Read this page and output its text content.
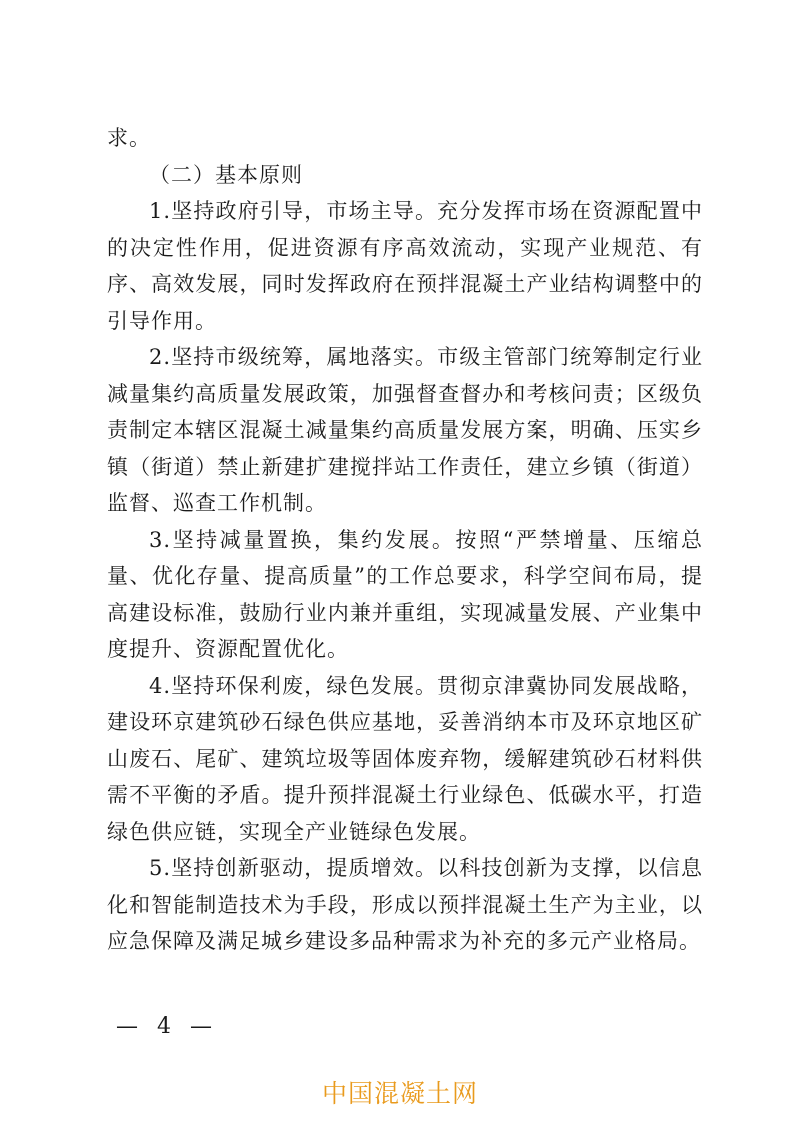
求。

（二）基本原则

1.坚持政府引导，市场主导。充分发挥市场在资源配置中的决定性作用，促进资源有序高效流动，实现产业规范、有序、高效发展，同时发挥政府在预拌混凝土产业结构调整中的引导作用。

2.坚持市级统筹，属地落实。市级主管部门统筹制定行业减量集约高质量发展政策，加强督查督办和考核问责；区级负责制定本辖区混凝土减量集约高质量发展方案，明确、压实乡镇（街道）禁止新建扩建搅拌站工作责任，建立乡镇（街道）监督、巡查工作机制。

3.坚持减量置换，集约发展。按照“严禁增量、压缩总量、优化存量、提高质量”的工作总要求，科学空间布局，提高建设标准，鼓励行业内兼并重组，实现减量发展、产业集中度提升、资源配置优化。

4.坚持环保利废，绿色发展。贯彻京津冀协同发展战略，建设环京建筑砂石绿色供应基地，妥善消纳本市及环京地区矿山废石、尾矿、建筑垃圾等固体废弃物，缓解建筑砂石材料供需不平衡的矛盾。提升预拌混凝土行业绿色、低碳水平，打造绿色供应链，实现全产业链绿色发展。

5.坚持创新驱动，提质增效。以科技创新为支撑，以信息化和智能制造技术为手段，形成以预拌混凝土生产为主业，以应急保障及满足城乡建设多品种需求为补充的多元产业格局。

— 4 —
中国混凝土网
